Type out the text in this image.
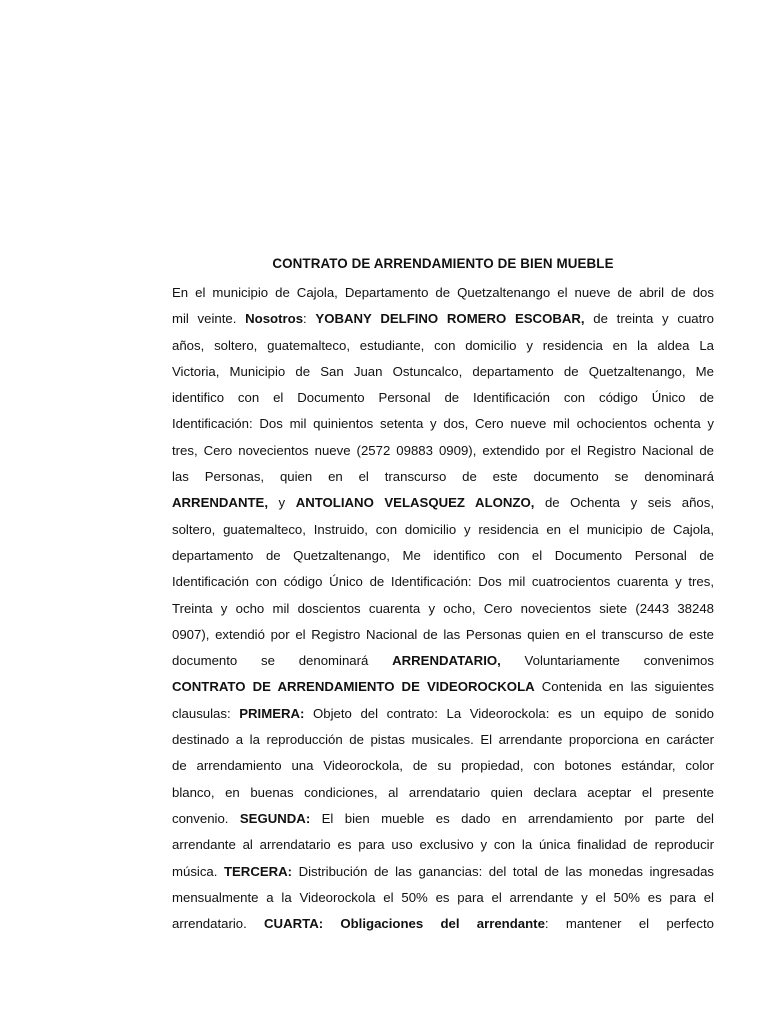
CONTRATO DE ARRENDAMIENTO DE BIEN MUEBLE
En el municipio de Cajola, Departamento de Quetzaltenango el nueve de abril de dos
mil veinte. Nosotros: YOBANY DELFINO ROMERO ESCOBAR, de treinta y cuatro
años, soltero, guatemalteco, estudiante, con domicilio y residencia en la aldea La
Victoria, Municipio de San Juan Ostuncalco, departamento de Quetzaltenango, Me
identifico con el Documento Personal de Identificación con código Único de
Identificación: Dos mil quinientos setenta y dos, Cero nueve mil ochocientos ochenta y
tres, Cero novecientos nueve (2572 09883 0909), extendido por el Registro Nacional de
las Personas, quien en el transcurso de este documento se denominará
ARRENDANTE, y ANTOLIANO VELASQUEZ ALONZO, de Ochenta y seis años,
soltero, guatemalteco, Instruido, con domicilio y residencia en el municipio de Cajola,
departamento de Quetzaltenango, Me identifico con el Documento Personal de
Identificación con código Único de Identificación: Dos mil cuatrocientos cuarenta y tres,
Treinta y ocho mil doscientos cuarenta y ocho, Cero novecientos siete (2443 38248
0907), extendió por el Registro Nacional de las Personas quien en el transcurso de este
documento se denominará ARRENDATARIO, Voluntariamente convenimos
CONTRATO DE ARRENDAMIENTO DE VIDEOROCKOLA Contenida en las siguientes
clausulas: PRIMERA: Objeto del contrato: La Videorockola: es un equipo de sonido
destinado a la reproducción de pistas musicales. El arrendante proporciona en carácter
de arrendamiento una Videorockola, de su propiedad, con botones estándar, color
blanco, en buenas condiciones, al arrendatario quien declara aceptar el presente
convenio. SEGUNDA: El bien mueble es dado en arrendamiento por parte del
arrendante al arrendatario es para uso exclusivo y con la única finalidad de reproducir
música. TERCERA: Distribución de las ganancias: del total de las monedas ingresadas
mensualmente a la Videorockola el 50% es para el arrendante y el 50% es para el
arrendatario. CUARTA: Obligaciones del arrendante: mantener el perfecto
